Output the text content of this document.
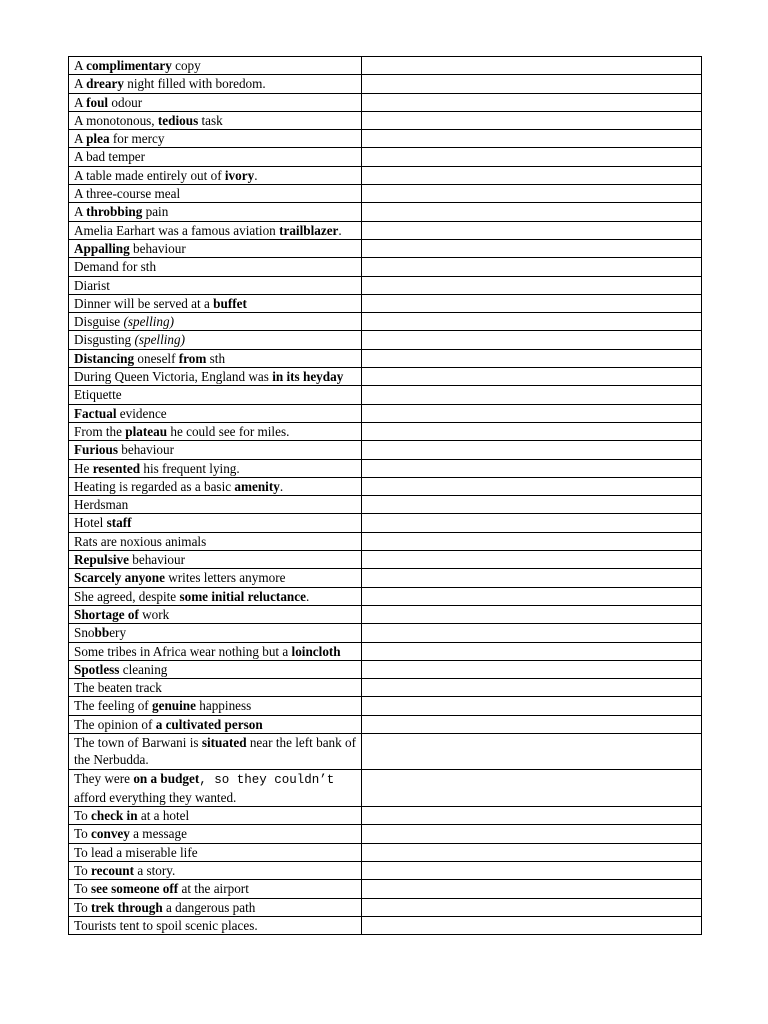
A complimentary copy	
A dreary night filled with boredom.	
A foul odour	
A monotonous, tedious task	
A plea for mercy	
A bad temper	
A table made entirely out of ivory.	
A three-course meal	
A throbbing pain	
Amelia Earhart was a famous aviation trailblazer.	
Appalling behaviour	
Demand for sth	
Diarist	
Dinner will be served at a buffet	
Disguise (spelling)	
Disgusting (spelling)	
Distancing oneself from sth	
During Queen Victoria, England was in its heyday	
Etiquette	
Factual evidence	
From the plateau he could see for miles.	
Furious behaviour	
He resented his frequent lying.	
Heating is regarded as a basic amenity.	
Herdsman	
Hotel staff	
Rats are noxious animals	
Repulsive behaviour	
Scarcely anyone writes letters anymore	
She agreed, despite some initial reluctance.	
Shortage of work	
Snobbery	
Some tribes in Africa wear nothing but a loincloth	
Spotless cleaning	
The beaten track	
The feeling of genuine happiness	
The opinion of a cultivated person	
The town of Barwani is situated near the left bank of the Nerbudda.	
They were on a budget, so they couldn’t afford everything they wanted.	
To check in at a hotel	
To convey a message	
To lead a miserable life	
To recount a story.	
To see someone off at the airport	
To trek through a dangerous path	
Tourists tent to spoil scenic places.	
